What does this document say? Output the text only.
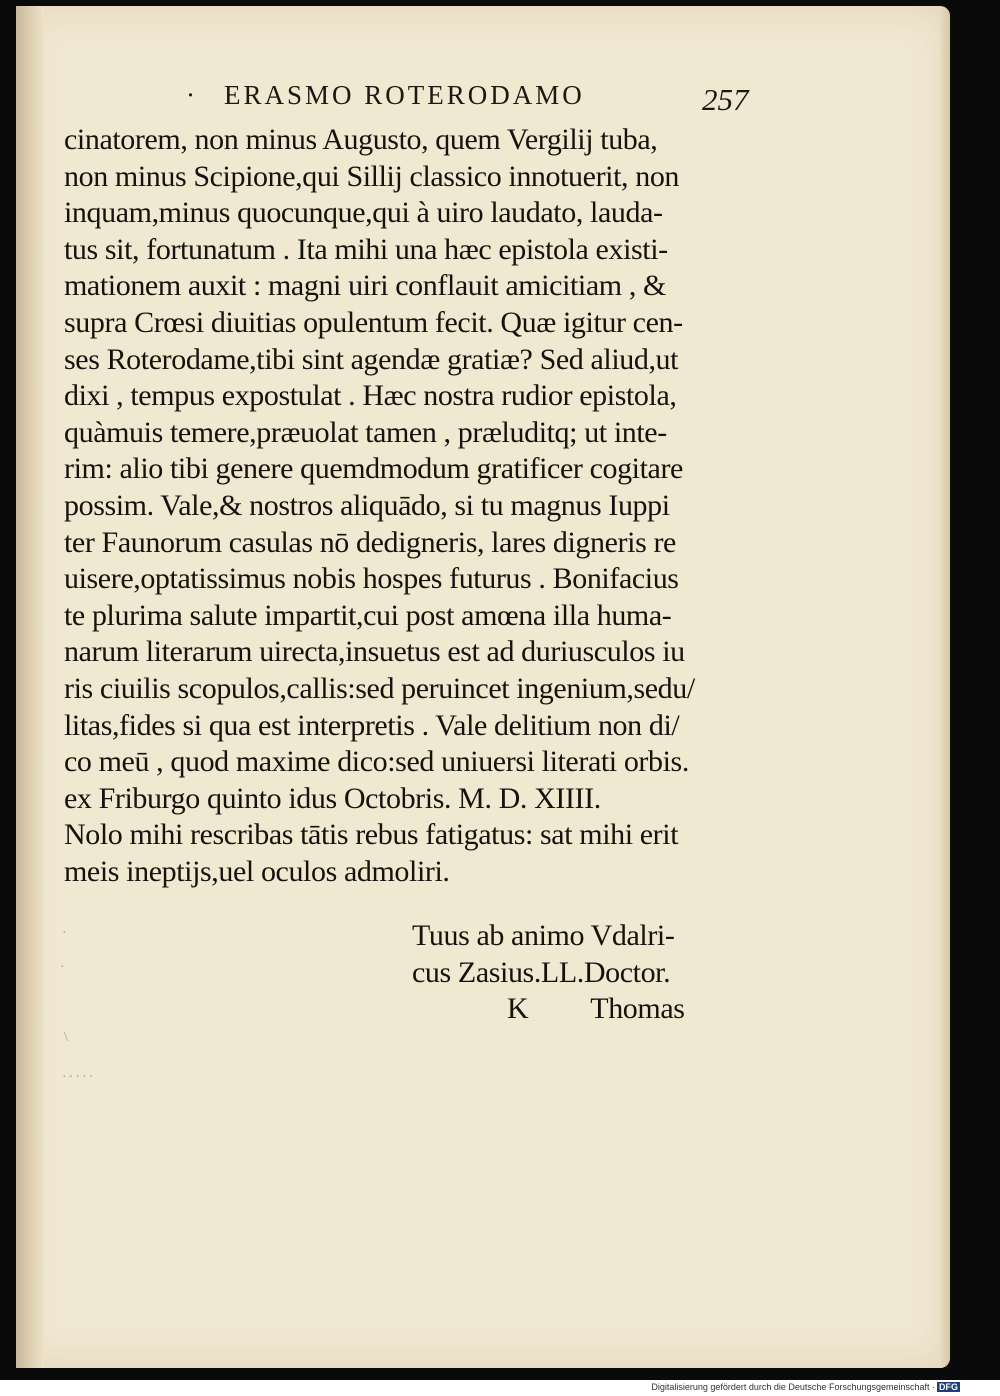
· ERASMO ROTERODAMO	257
cinatorem, non minus Augusto, quem Vergilij tuba,
non minus Scipione,qui Sillij classico innotuerit, non
inquam,minus quocunque,qui à uiro laudato, lauda-
tus sit, fortunatum . Ita mihi una hæc epistola existi-
mationem auxit : magni uiri conflauit amicitiam , &
supra Crœsi diuitias opulentum fecit. Quæ igitur cen-
ses Roterodame,tibi sint agendæ gratiæ? Sed aliud,ut
dixi , tempus expostulat . Hæc nostra rudior epistola,
quàmuis temere,præuolat tamen , præluditq; ut inte-
rim: alio tibi genere quemdmodum gratificer cogitare
possim. Vale,& nostros aliquādo, si tu magnus Iuppi
ter Faunorum casulas nō dedigneris, lares digneris re
uisere,optatissimus nobis hospes futurus . Bonifacius
te plurima salute impartit,cui post amœna illa huma-
narum literarum uirecta,insuetus est ad duriusculos iu
ris ciuilis scopulos,callis:sed peruincet ingenium,sedu/
litas,fides si qua est interpretis . Vale delitium non di/
co meū , quod maxime dico:sed uniuersi literati orbis.
ex Friburgo quinto idus Octobris. M. D. XIIII.
Nolo mihi rescribas tātis rebus fatigatus: sat mihi erit
meis ineptijs,uel oculos admoliri.
Tuus ab animo Vdalri-
cus Zasius.LL.Doctor.
K Thomas
·
·
\
·····
Digitalisierung gefördert durch die Deutsche Forschungsgemeinschaft · DFG
